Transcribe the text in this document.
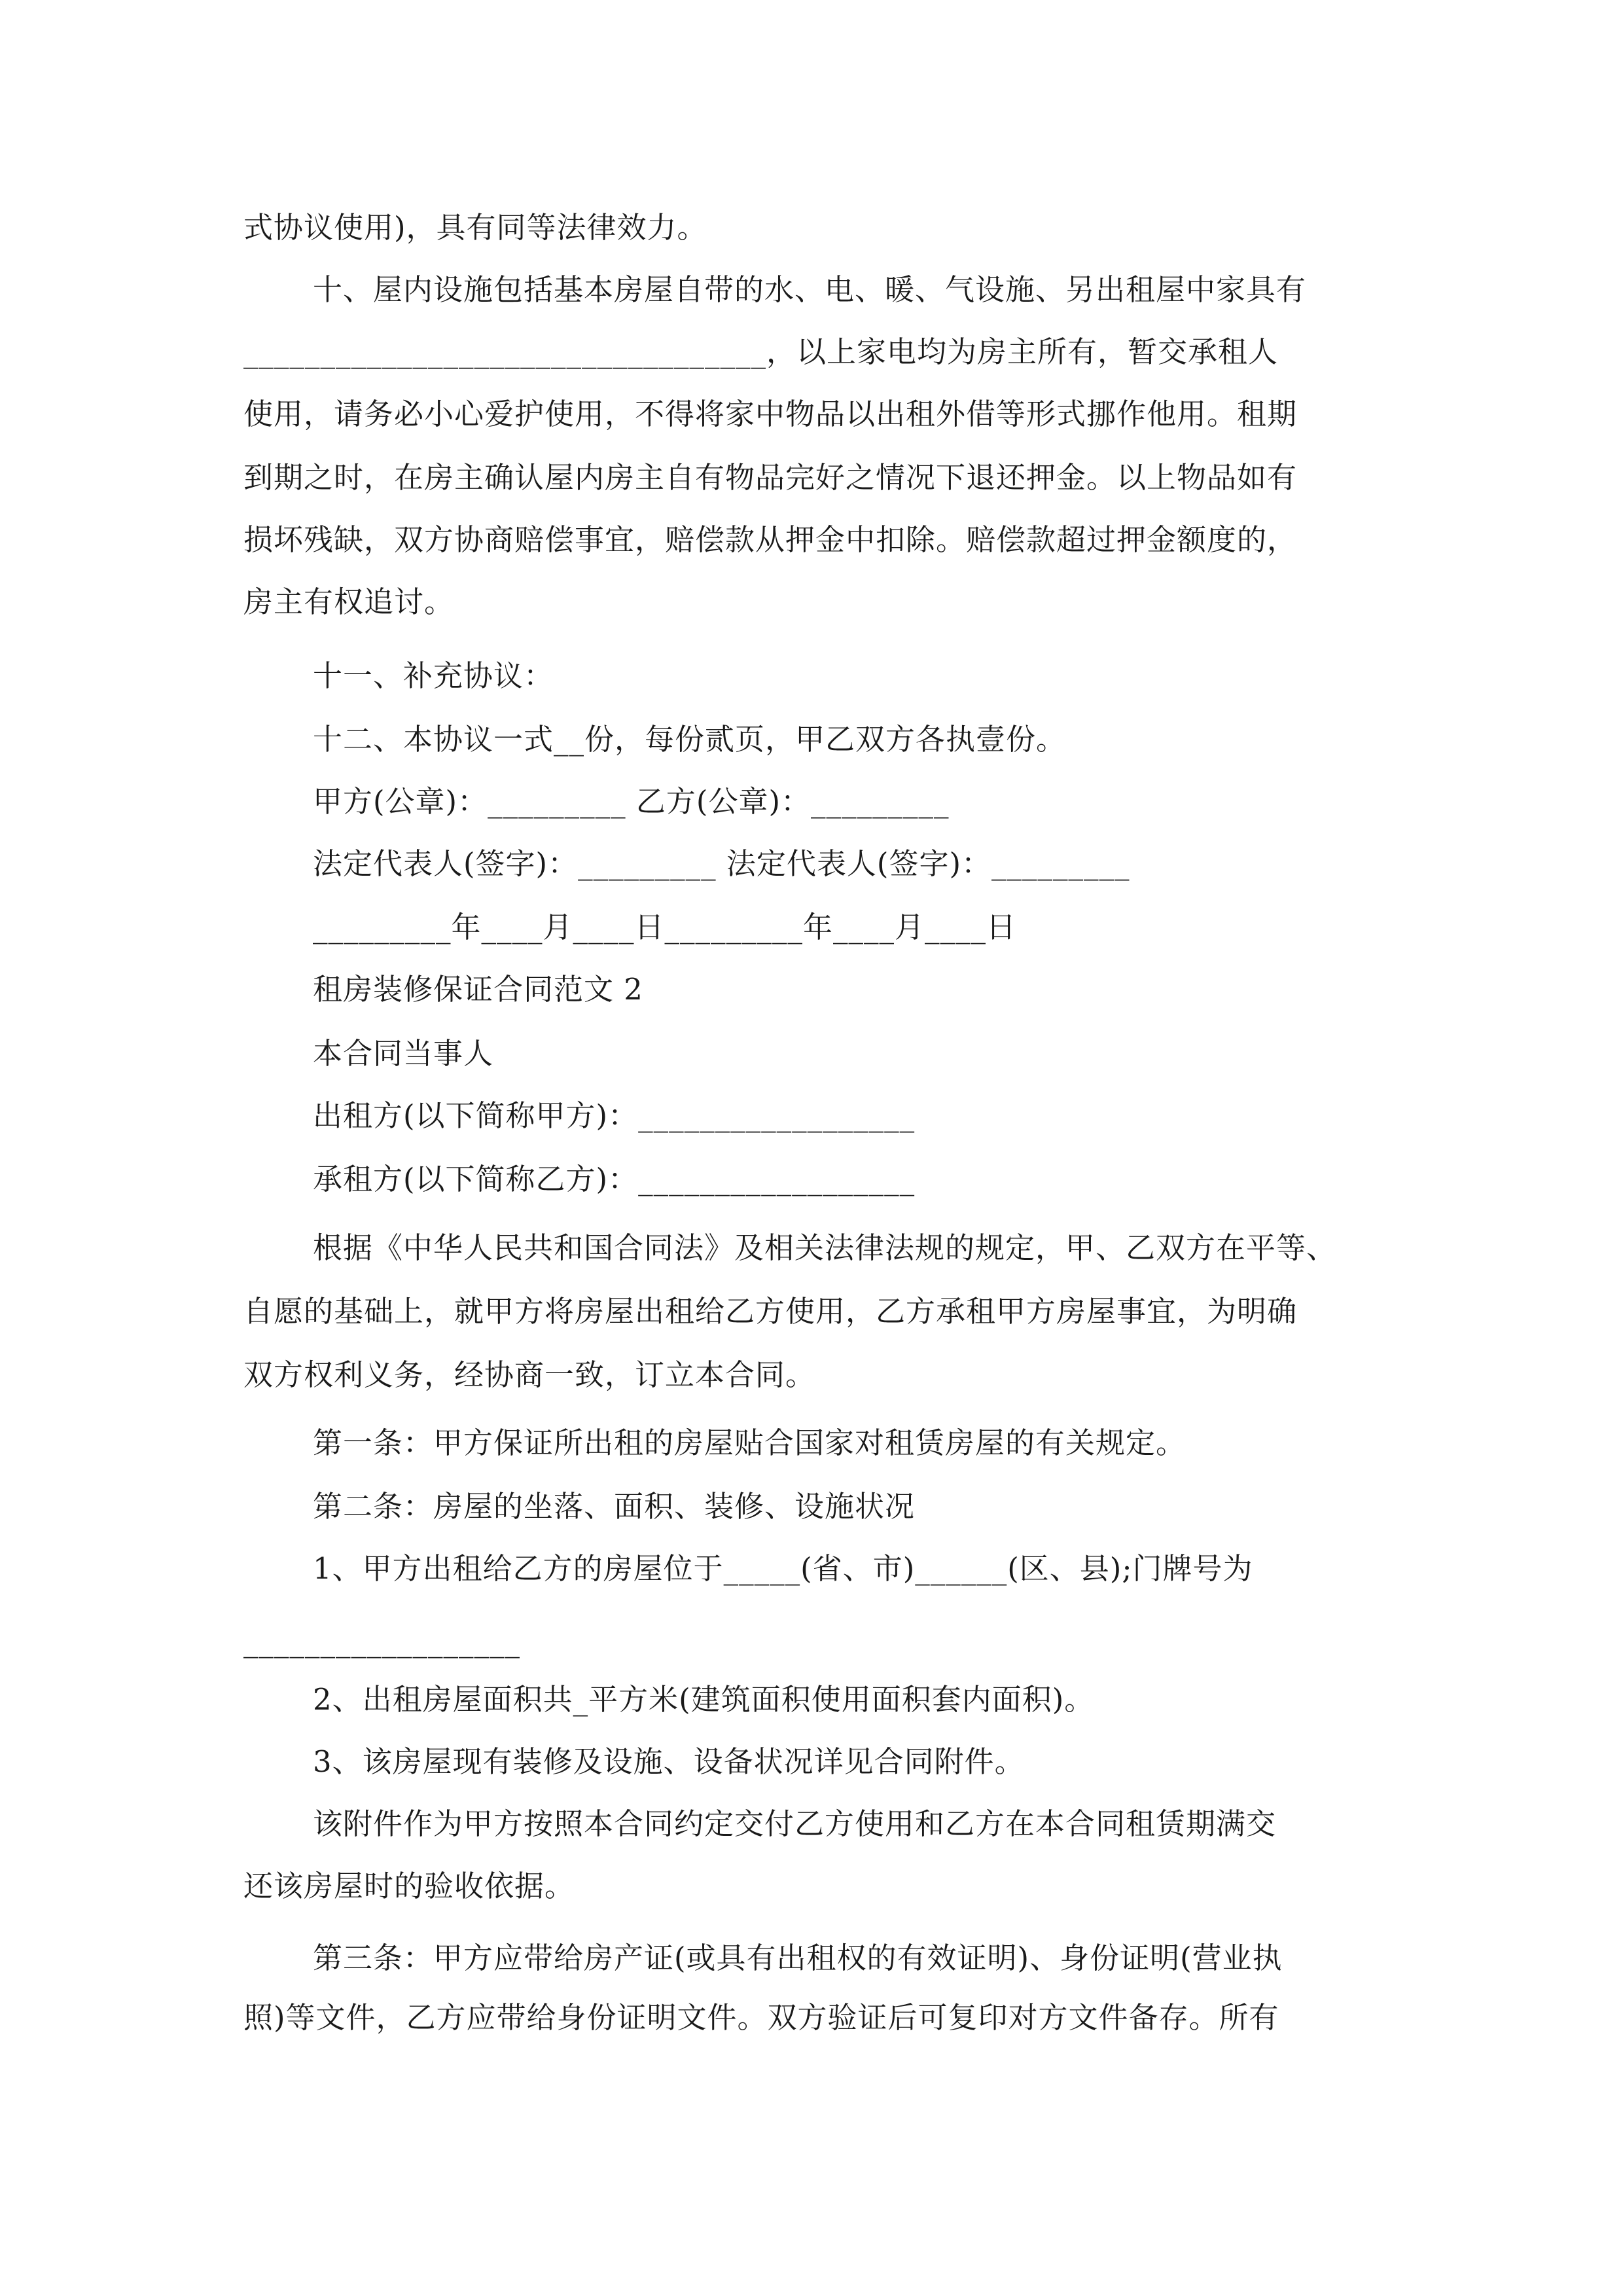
式协议使用)，具有同等法律效力。
十、屋内设施包括基本房屋自带的水、电、暖、气设施、另出租屋中家具有
__________________________________，以上家电均为房主所有，暂交承租人
使用，请务必小心爱护使用，不得将家中物品以出租外借等形式挪作他用。租期
到期之时，在房主确认屋内房主自有物品完好之情况下退还押金。以上物品如有
损坏残缺，双方协商赔偿事宜，赔偿款从押金中扣除。赔偿款超过押金额度的，
房主有权追讨。
十一、补充协议：
十二、本协议一式__份，每份贰页，甲乙双方各执壹份。
甲方(公章)：_________ 乙方(公章)：_________
法定代表人(签字)：_________ 法定代表人(签字)：_________
_________年____月____日_________年____月____日
租房装修保证合同范文 2
本合同当事人
出租方(以下简称甲方)：__________________
承租方(以下简称乙方)：__________________
根据《中华人民共和国合同法》及相关法律法规的规定，甲、乙双方在平等、
自愿的基础上，就甲方将房屋出租给乙方使用，乙方承租甲方房屋事宜，为明确
双方权利义务，经协商一致，订立本合同。
第一条：甲方保证所出租的房屋贴合国家对租赁房屋的有关规定。
第二条：房屋的坐落、面积、装修、设施状况
1、甲方出租给乙方的房屋位于_____(省、市)______(区、县);门牌号为
__________________
2、出租房屋面积共_平方米(建筑面积使用面积套内面积)。
3、该房屋现有装修及设施、设备状况详见合同附件。
该附件作为甲方按照本合同约定交付乙方使用和乙方在本合同租赁期满交
还该房屋时的验收依据。
第三条：甲方应带给房产证(或具有出租权的有效证明)、身份证明(营业执
照)等文件，乙方应带给身份证明文件。双方验证后可复印对方文件备存。所有
